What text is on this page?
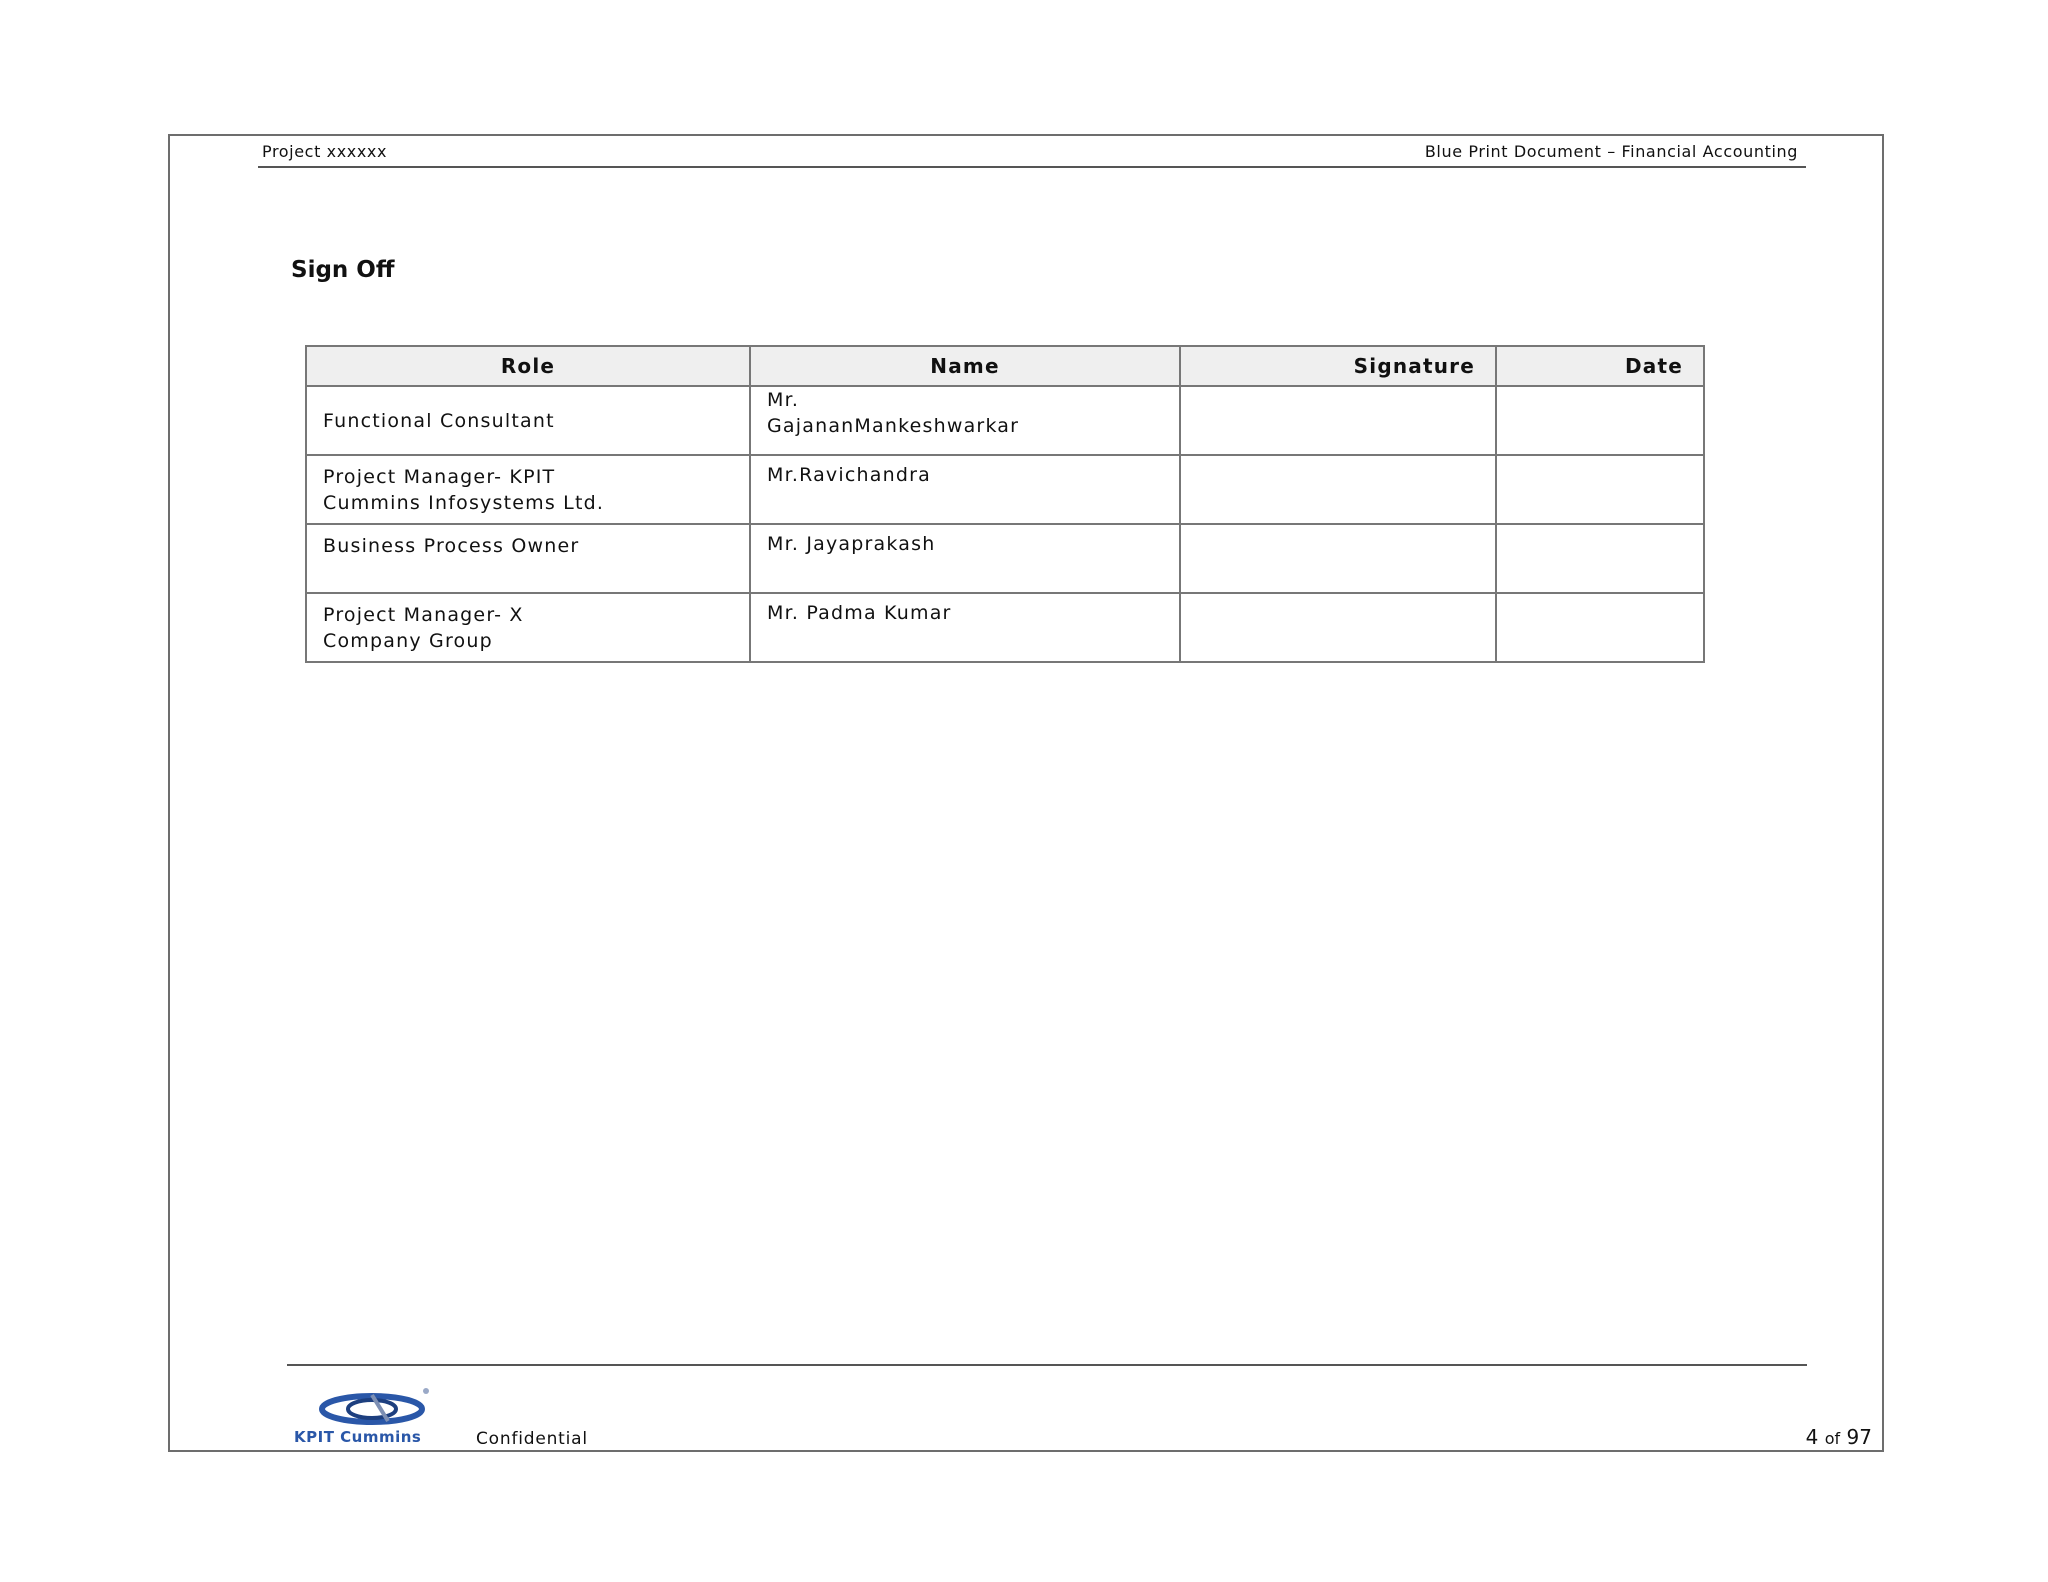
Project xxxxxx	Blue Print Document – Financial Accounting
Sign Off
Role	Name	Signature	Date

Functional Consultant	Mr.
GajananMankeshwarkar		

Project Manager- KPIT
Cummins Infosystems Ltd.	Mr.Ravichandra		

Business Process Owner	Mr. Jayaprakash		

Project Manager- X
Company Group	Mr. Padma Kumar		

KPIT Cummins	Confidential	4 of 97
